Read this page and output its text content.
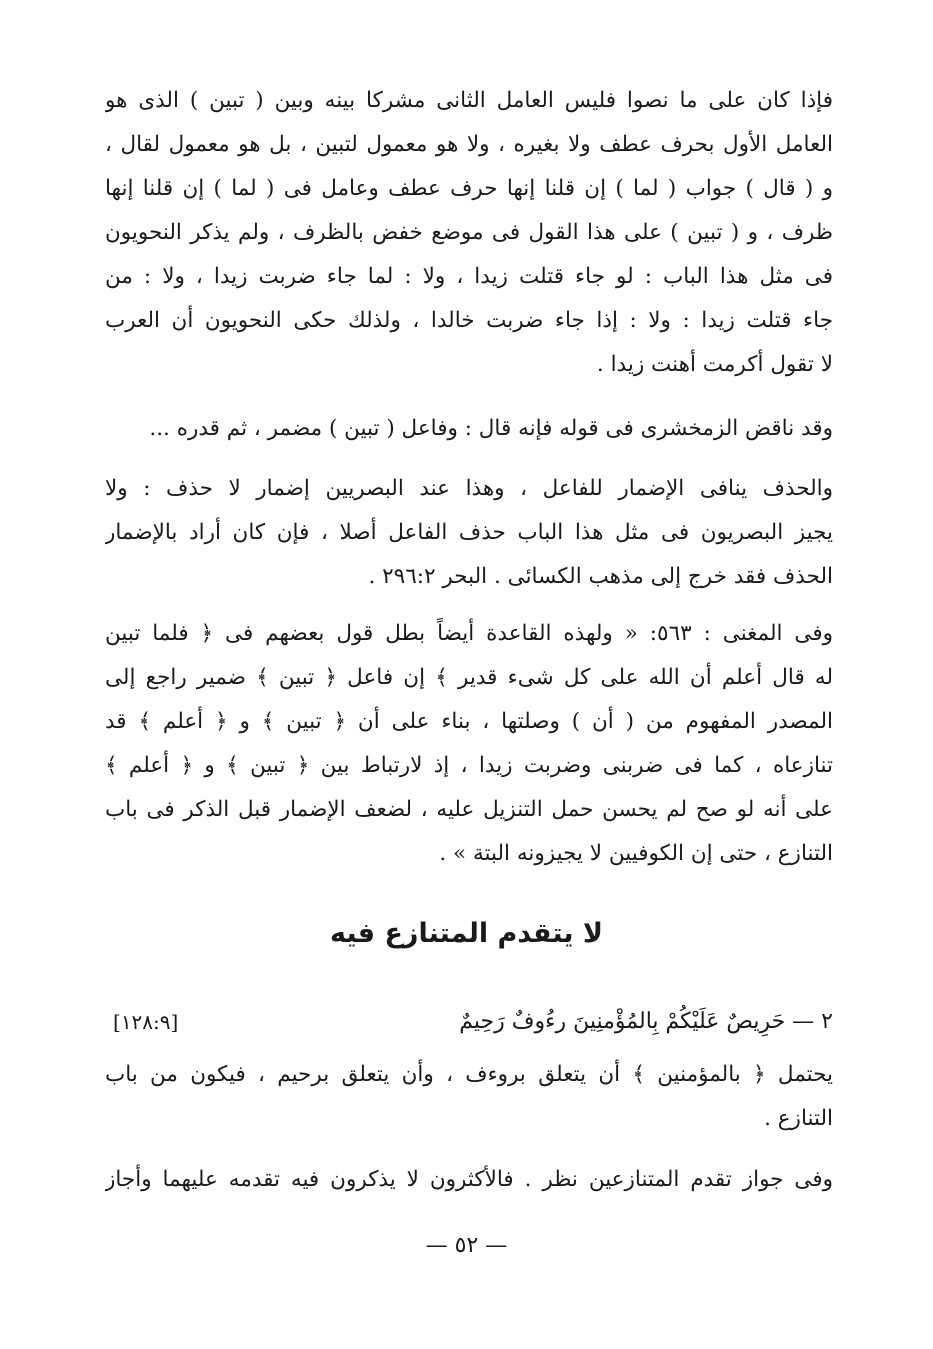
فإذا كان على ما نصوا فليس العامل الثانى مشركا بينه وبين ( تبين ) الذى هو
العامل الأول بحرف عطف ولا بغيره ، ولا هو معمول لتبين ، بل هو معمول لقال ،
و ( قال ) جواب ( لما ) إن قلنا إنها حرف عطف وعامل فى ( لما ) إن قلنا إنها
ظرف ، و ( تبين ) على هذا القول فى موضع خفض بالظرف ، ولم يذكر النحويون
فى مثل هذا الباب : لو جاء قتلت زيدا ، ولا : لما جاء ضربت زيدا ، ولا : من
جاء قتلت زيدا : ولا : إذا جاء ضربت خالدا ، ولذلك حكى النحويون أن العرب
لا تقول أكرمت أهنت زيدا .
وقد ناقض الزمخشرى فى قوله فإنه قال : وفاعل ( تبين ) مضمر ، ثم قدره ...
والحذف ينافى الإضمار للفاعل ، وهذا عند البصريين إضمار لا حذف : ولا
يجيز البصريون فى مثل هذا الباب حذف الفاعل أصلا ، فإن كان أراد بالإضمار
الحذف فقد خرج إلى مذهب الكسائى . البحر ٢٩٦:٢ .
وفى المغنى : ٥٦٣: « ولهذه القاعدة أيضاً بطل قول بعضهم فى ﴿ فلما تبين
له قال أعلم أن الله على كل شىء قدير ﴾ إن فاعل ﴿ تبين ﴾ ضمير راجع إلى
المصدر المفهوم من ( أن ) وصلتها ، بناء على أن ﴿ تبين ﴾ و ﴿ أعلم ﴾ قد
تنازعاه ، كما فى ضربنى وضربت زيدا ، إذ لارتباط بين ﴿ تبين ﴾ و ﴿ أعلم ﴾
على أنه لو صح لم يحسن حمل التنزيل عليه ، لضعف الإضمار قبل الذكر فى باب
التنازع ، حتى إن الكوفيين لا يجيزونه البتة » .
لا يتقدم المتنازع فيه
٢ — حَرِيصٌ عَلَيْكُمْ بِالمُؤْمنِينَ رءُوفٌ رَحِيمٌ
[١٢٨:٩]
يحتمل ﴿ بالمؤمنين ﴾ أن يتعلق بروءف ، وأن يتعلق برحيم ، فيكون من باب
التنازع .
وفى جواز تقدم المتنازعين نظر . فالأكثرون لا يذكرون فيه تقدمه عليهما وأجاز
— ٥٢ —
